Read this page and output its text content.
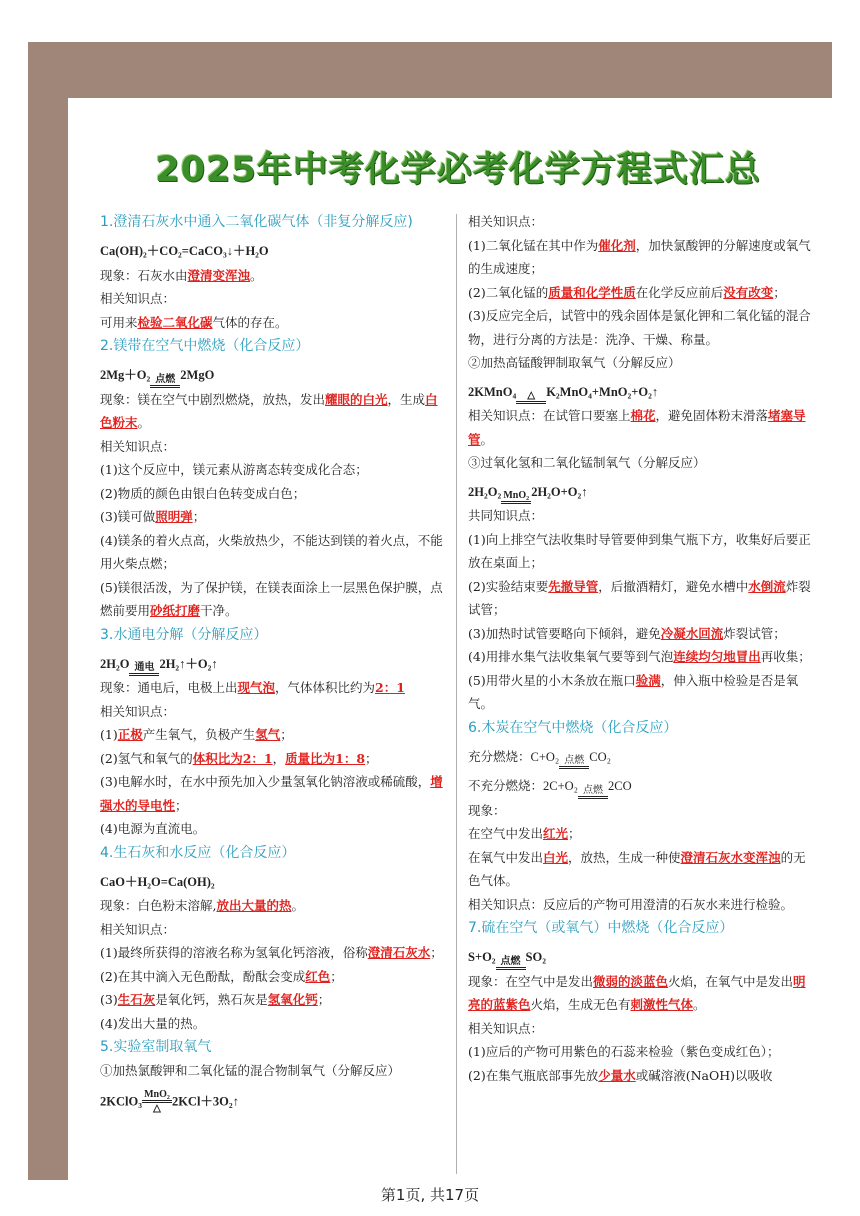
2025年中考化学必考化学方程式汇总
1.澄清石灰水中通入二氧化碳气体（非复分解反应)
Ca(OH)₂＋CO₂=CaCO₃↓＋H₂O
现象：石灰水由澄清变浑浊。
相关知识点：
可用来检验二氧化碳气体的存在。
2.镁带在空气中燃烧（化合反应）
2Mg＋O₂ 点燃 2MgO
现象：镁在空气中剧烈燃烧，放热，发出耀眼的白光，生成白色粉末。
相关知识点：
(1)这个反应中，镁元素从游离态转变成化合态；
(2)物质的颜色由银白色转变成白色；
(3)镁可做照明弹；
(4)镁条的着火点高，火柴放热少，不能达到镁的着火点，不能用火柴点燃；
(5)镁很活泼，为了保护镁，在镁表面涂上一层黑色保护膜，点燃前要用砂纸打磨干净。
3.水通电分解（分解反应）
2H₂O 通电 2H₂↑＋O₂↑
现象：通电后，电极上出现气泡，气体体积比约为2：1
相关知识点：
(1)正极产生氧气，负极产生氢气；
(2)氢气和氧气的体积比为2：1，质量比为1：8；
(3)电解水时，在水中预先加入少量氢氧化钠溶液或稀硫酸，增强水的导电性；
(4)电源为直流电。
4.生石灰和水反应（化合反应）
CaO＋H₂O=Ca(OH)₂
现象：白色粉末溶解,放出大量的热。
相关知识点：
(1)最终所获得的溶液名称为氢氧化钙溶液，俗称澄清石灰水；
(2)在其中滴入无色酚酞，酚酞会变成红色；
(3)生石灰是氧化钙，熟石灰是氢氧化钙；
(4)发出大量的热。
5.实验室制取氧气
①加热氯酸钾和二氧化锰的混合物制氧气（分解反应）
2KClO₃ MnO₂
△ 2KCl＋3O₂↑
相关知识点：
(1)二氧化锰在其中作为催化剂，加快氯酸钾的分解速度或氧气的生成速度；
(2)二氧化锰的质量和化学性质在化学反应前后没有改变；
(3)反应完全后，试管中的残余固体是氯化钾和二氧化锰的混合物，进行分离的方法是：洗净、干燥、称量。
②加热高锰酸钾制取氧气（分解反应）
2KMnO₄	△ K₂MnO₄+MnO₂+O₂↑
相关知识点：在试管口要塞上棉花，避免固体粉末滑落堵塞导管。
③过氧化氢和二氧化锰制氧气（分解反应）
2H₂O₂ MnO₂ 2H₂O+O₂↑
共同知识点：
(1)向上排空气法收集时导管要伸到集气瓶下方，收集好后要正放在桌面上；
(2)实验结束要先撤导管，后撤酒精灯，避免水槽中水倒流炸裂试管；
(3)加热时试管要略向下倾斜，避免冷凝水回流炸裂试管；
(4)用排水集气法收集氧气要等到气泡连续均匀地冒出再收集；
(5)用带火星的小木条放在瓶口验满，伸入瓶中检验是否是氧气。
6.木炭在空气中燃烧（化合反应）
充分燃烧：C+O₂ 点燃 CO₂
不充分燃烧：2C+O₂ 点燃 2CO
现象：
在空气中发出红光；
在氧气中发出白光，放热，生成一种使澄清石灰水变浑浊的无色气体。
相关知识点：反应后的产物可用澄清的石灰水来进行检验。
7.硫在空气（或氧气）中燃烧（化合反应）
S+O₂ 点燃 SO₂
现象：在空气中是发出微弱的淡蓝色火焰，在氧气中是发出明亮的蓝紫色火焰，生成无色有刺激性气体。
相关知识点：
(1)应后的产物可用紫色的石蕊来检验（紫色变成红色）；
(2)在集气瓶底部事先放少量水或碱溶液(NaOH)以吸收
第1页, 共17页
